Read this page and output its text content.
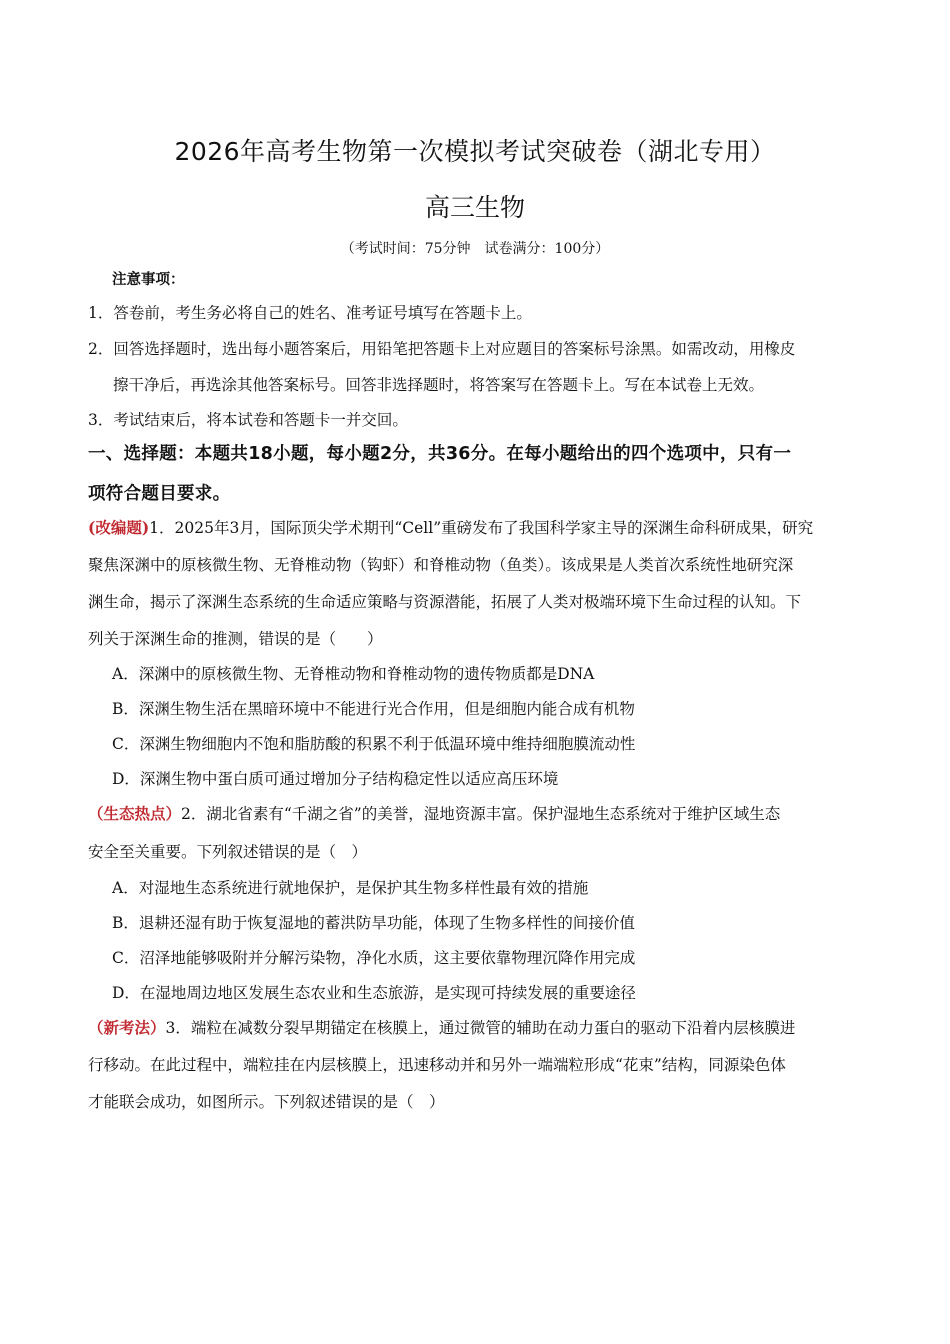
2026年高考生物第一次模拟考试突破卷（湖北专用）
高三生物
（考试时间：75分钟　试卷满分：100分）
注意事项：
1．答卷前，考生务必将自己的姓名、准考证号填写在答题卡上。
2．回答选择题时，选出每小题答案后，用铅笔把答题卡上对应题目的答案标号涂黑。如需改动，用橡皮
擦干净后，再选涂其他答案标号。回答非选择题时，将答案写在答题卡上。写在本试卷上无效。
3．考试结束后，将本试卷和答题卡一并交回。
一、选择题：本题共18小题，每小题2分，共36分。在每小题给出的四个选项中，只有一
项符合题目要求。
(改编题)1．2025年3月，国际顶尖学术期刊“Cell”重磅发布了我国科学家主导的深渊生命科研成果，研究
聚焦深渊中的原核微生物、无脊椎动物（钩虾）和脊椎动物（鱼类）。该成果是人类首次系统性地研究深
渊生命，揭示了深渊生态系统的生命适应策略与资源潜能，拓展了人类对极端环境下生命过程的认知。下
列关于深渊生命的推测，错误的是（　　）
A．深渊中的原核微生物、无脊椎动物和脊椎动物的遗传物质都是DNA
B．深渊生物生活在黑暗环境中不能进行光合作用，但是细胞内能合成有机物
C．深渊生物细胞内不饱和脂肪酸的积累不利于低温环境中维持细胞膜流动性
D．深渊生物中蛋白质可通过增加分子结构稳定性以适应高压环境
（生态热点）2．湖北省素有“千湖之省”的美誉，湿地资源丰富。保护湿地生态系统对于维护区域生态
安全至关重要。下列叙述错误的是（　）
A．对湿地生态系统进行就地保护，是保护其生物多样性最有效的措施
B．退耕还湿有助于恢复湿地的蓄洪防旱功能，体现了生物多样性的间接价值
C．沼泽地能够吸附并分解污染物，净化水质，这主要依靠物理沉降作用完成
D．在湿地周边地区发展生态农业和生态旅游，是实现可持续发展的重要途径
（新考法）3．端粒在减数分裂早期锚定在核膜上，通过微管的辅助在动力蛋白的驱动下沿着内层核膜进
行移动。在此过程中，端粒挂在内层核膜上，迅速移动并和另外一端端粒形成“花束”结构，同源染色体
才能联会成功，如图所示。下列叙述错误的是（　）
